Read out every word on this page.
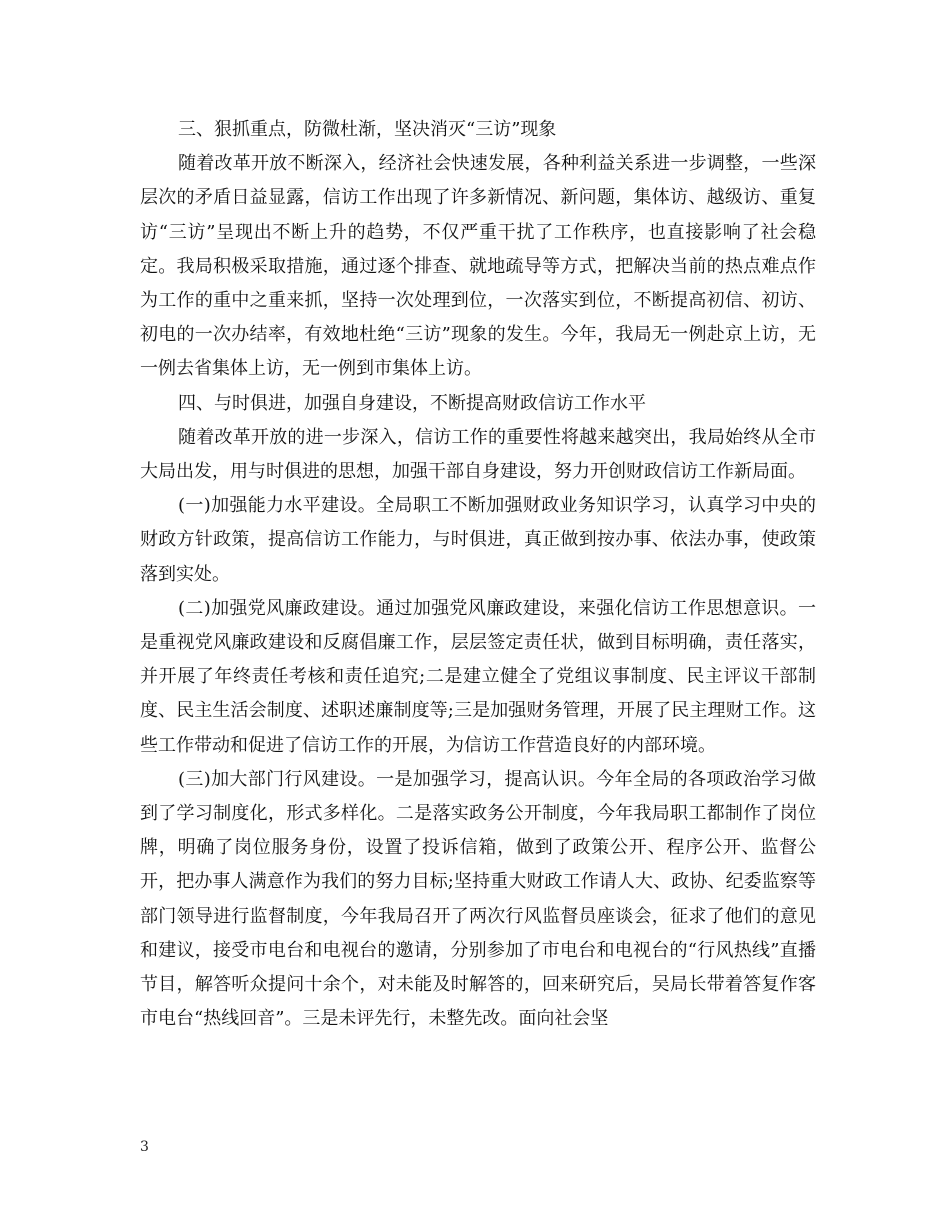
三、狠抓重点，防微杜渐，坚决消灭“三访”现象

随着改革开放不断深入，经济社会快速发展，各种利益关系进一步调整，一些深层次的矛盾日益显露，信访工作出现了许多新情况、新问题，集体访、越级访、重复访“三访”呈现出不断上升的趋势，不仅严重干扰了工作秩序，也直接影响了社会稳定。我局积极采取措施，通过逐个排查、就地疏导等方式，把解决当前的热点难点作为工作的重中之重来抓，坚持一次处理到位，一次落实到位，不断提高初信、初访、初电的一次办结率，有效地杜绝“三访”现象的发生。今年，我局无一例赴京上访，无一例去省集体上访，无一例到市集体上访。

四、与时俱进，加强自身建设，不断提高财政信访工作水平

随着改革开放的进一步深入，信访工作的重要性将越来越突出，我局始终从全市大局出发，用与时俱进的思想，加强干部自身建设，努力开创财政信访工作新局面。

(一)加强能力水平建设。全局职工不断加强财政业务知识学习，认真学习中央的财政方针政策，提高信访工作能力，与时俱进，真正做到按办事、依法办事，使政策落到实处。

(二)加强党风廉政建设。通过加强党风廉政建设，来强化信访工作思想意识。一是重视党风廉政建设和反腐倡廉工作，层层签定责任状，做到目标明确，责任落实，并开展了年终责任考核和责任追究;二是建立健全了党组议事制度、民主评议干部制度、民主生活会制度、述职述廉制度等;三是加强财务管理，开展了民主理财工作。这些工作带动和促进了信访工作的开展，为信访工作营造良好的内部环境。

(三)加大部门行风建设。一是加强学习，提高认识。今年全局的各项政治学习做到了学习制度化，形式多样化。二是落实政务公开制度，今年我局职工都制作了岗位牌，明确了岗位服务身份，设置了投诉信箱，做到了政策公开、程序公开、监督公开，把办事人满意作为我们的努力目标;坚持重大财政工作请人大、政协、纪委监察等部门领导进行监督制度，今年我局召开了两次行风监督员座谈会，征求了他们的意见和建议，接受市电台和电视台的邀请，分别参加了市电台和电视台的“行风热线”直播节目，解答听众提问十余个，对未能及时解答的，回来研究后，吴局长带着答复作客市电台“热线回音”。三是未评先行，未整先改。面向社会坚

3
